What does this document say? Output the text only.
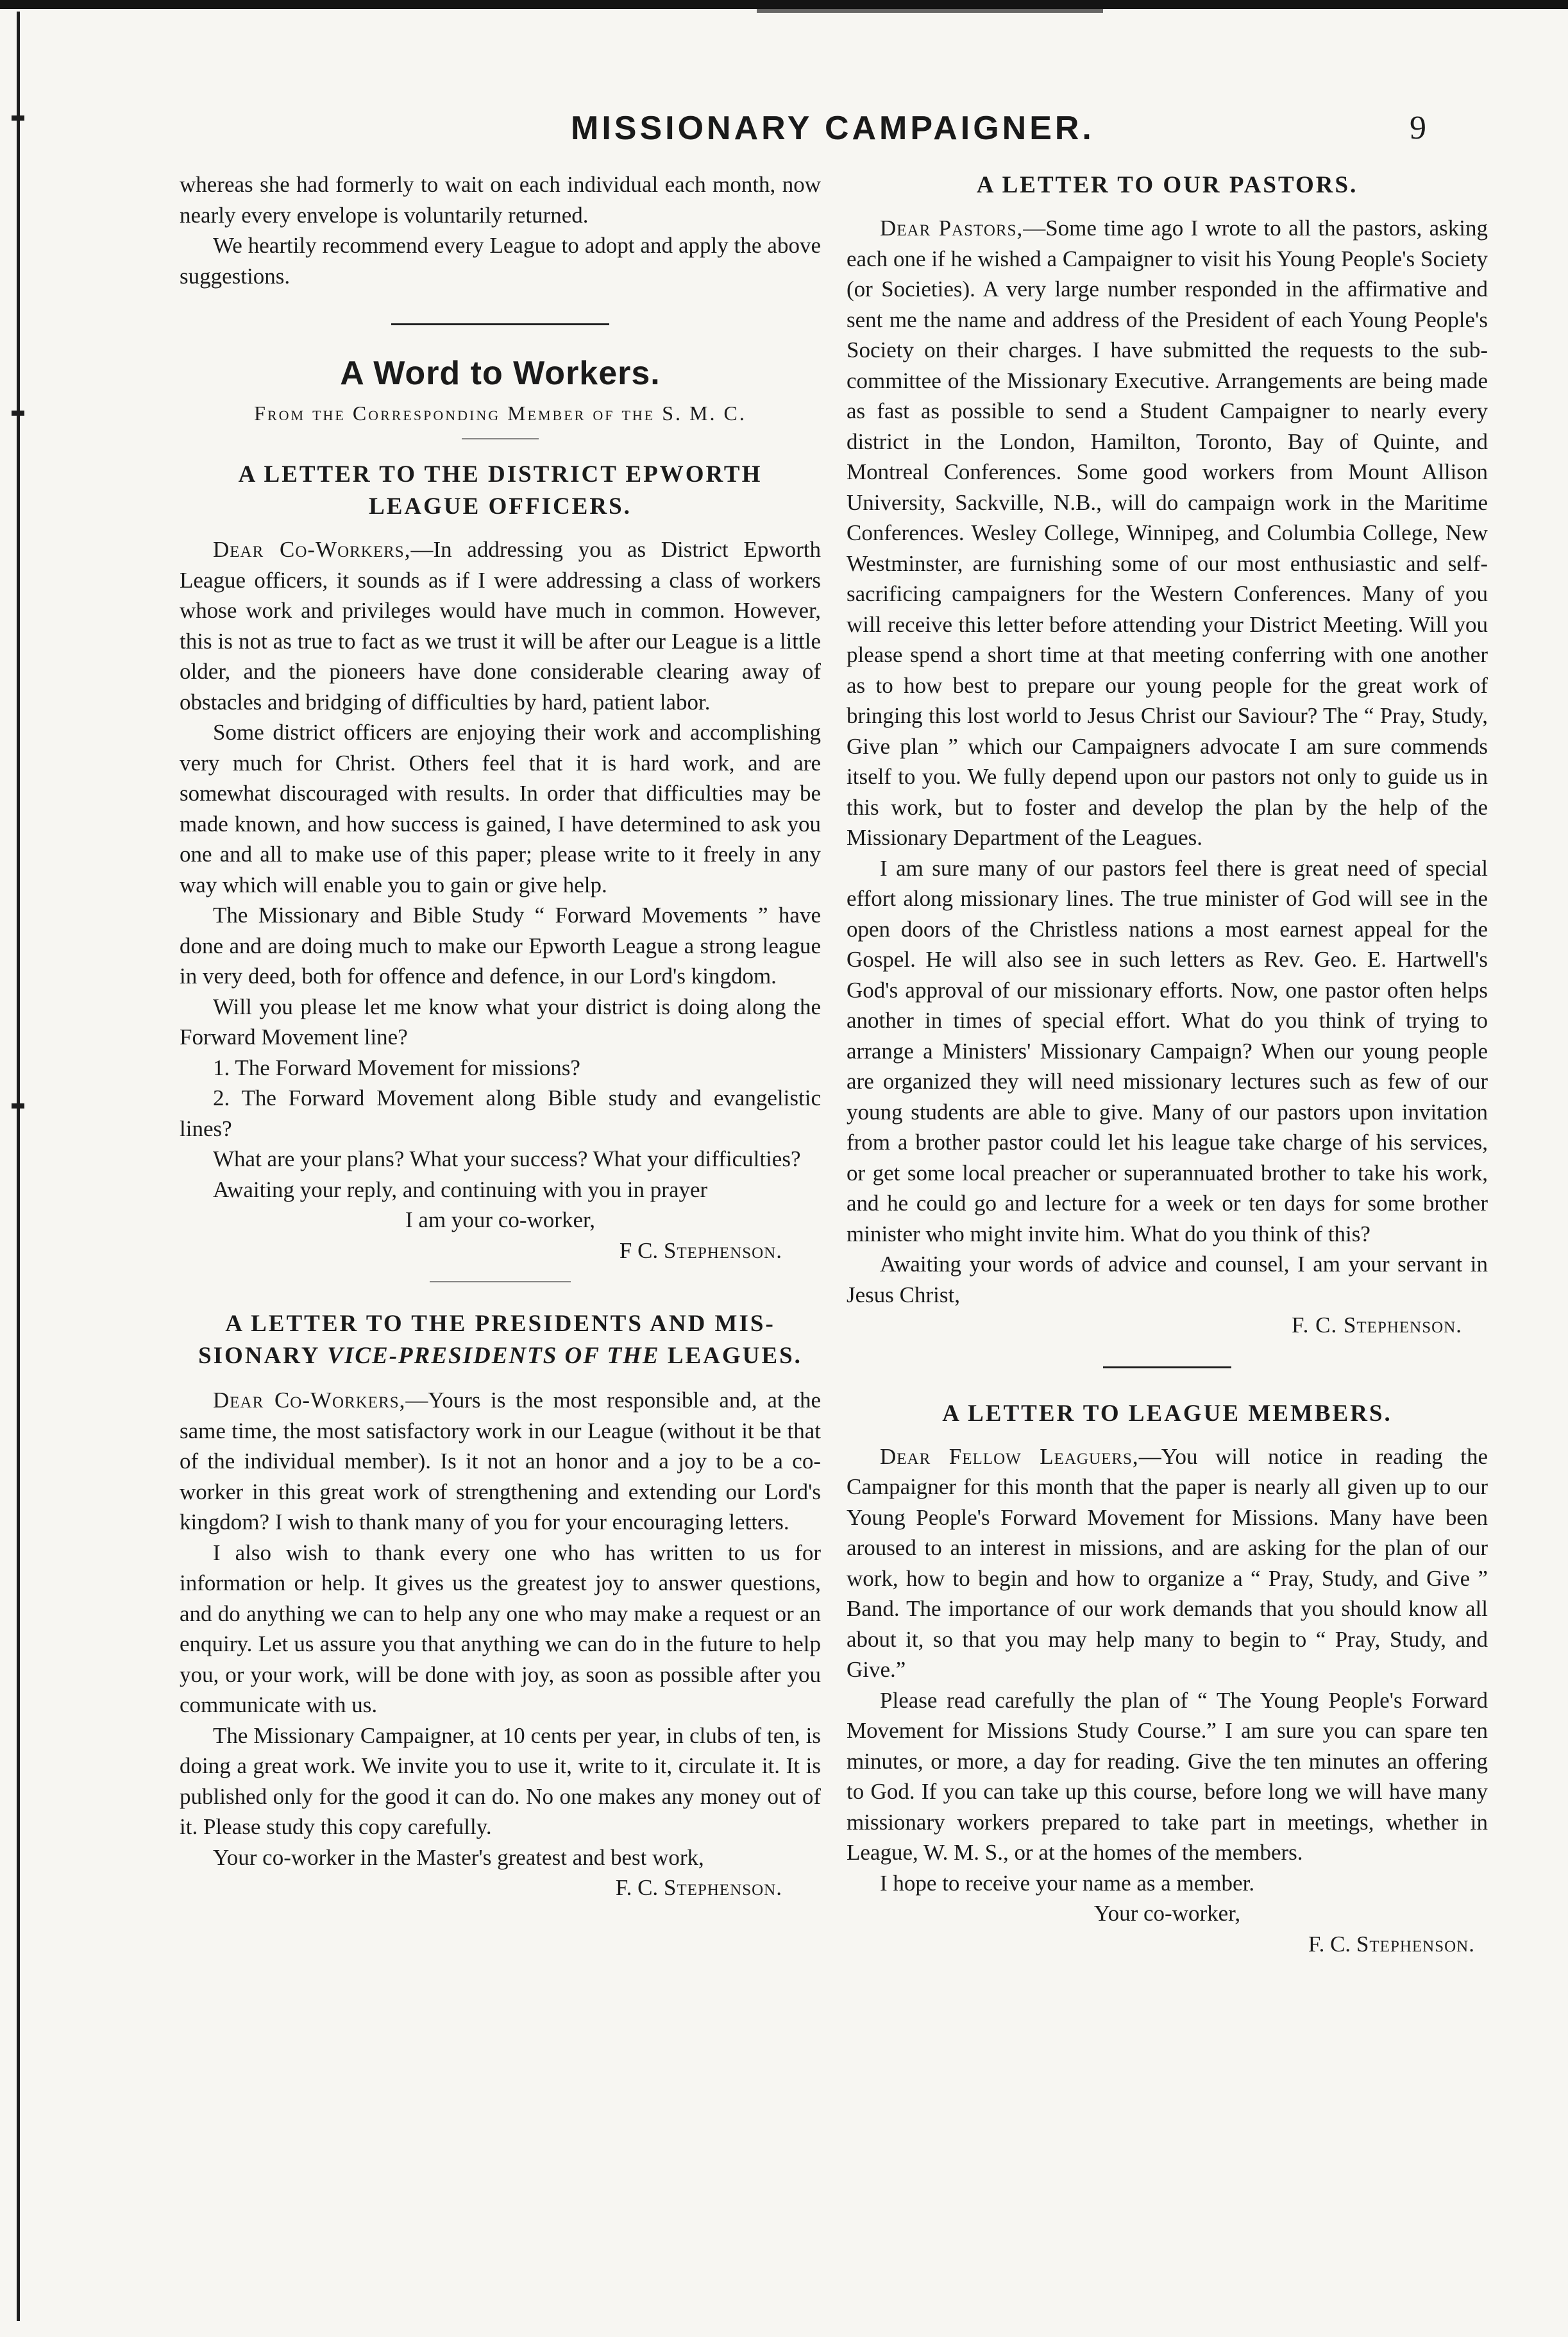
MISSIONARY CAMPAIGNER.	9

whereas she had formerly to wait on each individual each month, now nearly every envelope is voluntarily returned.

We heartily recommend every League to adopt and apply the above suggestions.

A Word to Workers.

From the Corresponding Member of the S. M. C.

A LETTER TO THE DISTRICT EPWORTH LEAGUE OFFICERS.

Dear Co-Workers,—In addressing you as District Epworth League officers, it sounds as if I were addressing a class of workers whose work and privileges would have much in common. However, this is not as true to fact as we trust it will be after our League is a little older, and the pioneers have done considerable clearing away of obstacles and bridging of difficulties by hard, patient labor.

Some district officers are enjoying their work and accomplishing very much for Christ. Others feel that it is hard work, and are somewhat discouraged with results. In order that difficulties may be made known, and how success is gained, I have determined to ask you one and all to make use of this paper; please write to it freely in any way which will enable you to gain or give help.

The Missionary and Bible Study “ Forward Movements ” have done and are doing much to make our Epworth League a strong league in very deed, both for offence and defence, in our Lord's kingdom.

Will you please let me know what your district is doing along the Forward Movement line?

1. The Forward Movement for missions?

2. The Forward Movement along Bible study and evangelistic lines?

What are your plans? What your success? What your difficulties?

Awaiting your reply, and continuing with you in prayer

I am your co-worker,

F C. Stephenson.

A LETTER TO THE PRESIDENTS AND MIS-SIONARY VICE-PRESIDENTS OF THE LEAGUES.

Dear Co-Workers,—Yours is the most responsible and, at the same time, the most satisfactory work in our League (without it be that of the individual member). Is it not an honor and a joy to be a co-worker in this great work of strengthening and extending our Lord's kingdom? I wish to thank many of you for your encouraging letters.

I also wish to thank every one who has written to us for information or help. It gives us the greatest joy to answer questions, and do anything we can to help any one who may make a request or an enquiry. Let us assure you that anything we can do in the future to help you, or your work, will be done with joy, as soon as possible after you communicate with us.

The Missionary Campaigner, at 10 cents per year, in clubs of ten, is doing a great work. We invite you to use it, write to it, circulate it. It is published only for the good it can do. No one makes any money out of it. Please study this copy carefully.

Your co-worker in the Master's greatest and best work,

F. C. Stephenson.

A LETTER TO OUR PASTORS.

Dear Pastors,—Some time ago I wrote to all the pastors, asking each one if he wished a Campaigner to visit his Young People's Society (or Societies). A very large number responded in the affirmative and sent me the name and address of the President of each Young People's Society on their charges. I have submitted the requests to the sub-committee of the Missionary Executive. Arrangements are being made as fast as possible to send a Student Campaigner to nearly every district in the London, Hamilton, Toronto, Bay of Quinte, and Montreal Conferences. Some good workers from Mount Allison University, Sackville, N.B., will do campaign work in the Maritime Conferences. Wesley College, Winnipeg, and Columbia College, New Westminster, are furnishing some of our most enthusiastic and self-sacrificing campaigners for the Western Conferences. Many of you will receive this letter before attending your District Meeting. Will you please spend a short time at that meeting conferring with one another as to how best to prepare our young people for the great work of bringing this lost world to Jesus Christ our Saviour? The “ Pray, Study, Give plan ” which our Campaigners advocate I am sure commends itself to you. We fully depend upon our pastors not only to guide us in this work, but to foster and develop the plan by the help of the Missionary Department of the Leagues.

I am sure many of our pastors feel there is great need of special effort along missionary lines. The true minister of God will see in the open doors of the Christless nations a most earnest appeal for the Gospel. He will also see in such letters as Rev. Geo. E. Hartwell's God's approval of our missionary efforts. Now, one pastor often helps another in times of special effort. What do you think of trying to arrange a Ministers' Missionary Campaign? When our young people are organized they will need missionary lectures such as few of our young students are able to give. Many of our pastors upon invitation from a brother pastor could let his league take charge of his services, or get some local preacher or superannuated brother to take his work, and he could go and lecture for a week or ten days for some brother minister who might invite him. What do you think of this?

Awaiting your words of advice and counsel, I am your servant in Jesus Christ,

F. C. Stephenson.

A LETTER TO LEAGUE MEMBERS.

Dear Fellow Leaguers,—You will notice in reading the Campaigner for this month that the paper is nearly all given up to our Young People's Forward Movement for Missions. Many have been aroused to an interest in missions, and are asking for the plan of our work, how to begin and how to organize a “ Pray, Study, and Give ” Band. The importance of our work demands that you should know all about it, so that you may help many to begin to “ Pray, Study, and Give.”

Please read carefully the plan of “ The Young People's Forward Movement for Missions Study Course.” I am sure you can spare ten minutes, or more, a day for reading. Give the ten minutes an offering to God. If you can take up this course, before long we will have many missionary workers prepared to take part in meetings, whether in League, W. M. S., or at the homes of the members.

I hope to receive your name as a member.

Your co-worker,

F. C. Stephenson.
